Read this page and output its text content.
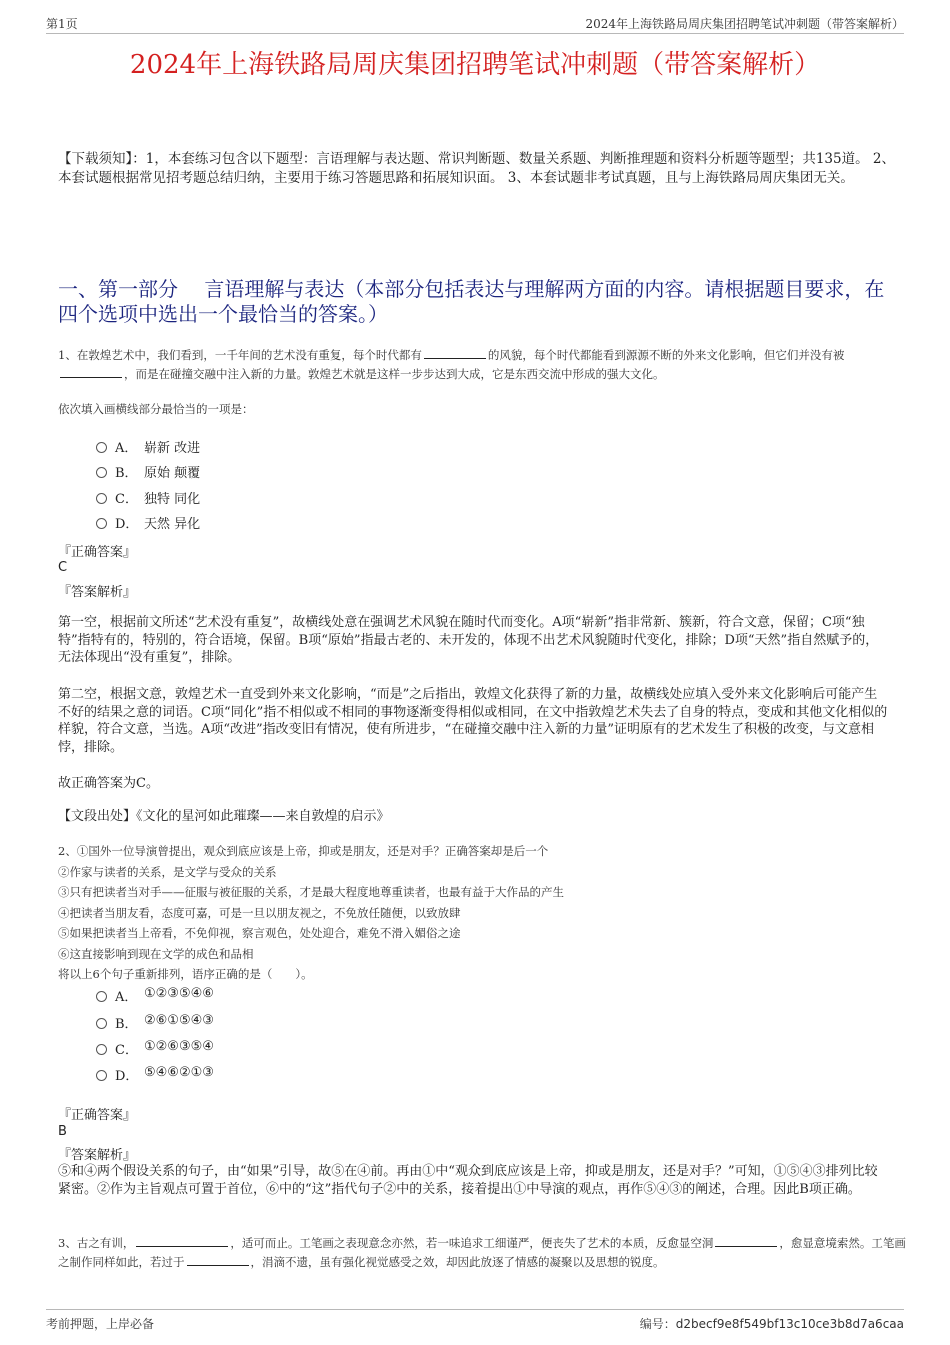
第1页	2024年上海铁路局周庆集团招聘笔试冲刺题（带答案解析）
2024年上海铁路局周庆集团招聘笔试冲刺题（带答案解析）
【下载须知】：1，本套练习包含以下题型：言语理解与表达题、常识判断题、数量关系题、判断推理题和资料分析题等题型；共135道。 2、本套试题根据常见招考题总结归纳，主要用于练习答题思路和拓展知识面。 3、本套试题非考试真题，且与上海铁路局周庆集团无关。
一、第一部分　 言语理解与表达（本部分包括表达与理解两方面的内容。请根据题目要求，在四个选项中选出一个最恰当的答案。）
1、在敦煌艺术中，我们看到，一千年间的艺术没有重复，每个时代都有	的风貌，每个时代都能看到源源不断的外来文化影响，但它们并没有被，而是在碰撞交融中注入新的力量。敦煌艺术就是这样一步步达到大成，它是东西交流中形成的强大文化。
依次填入画横线部分最恰当的一项是：
A． 崭新 改进
B． 原始 颠覆
C． 独特 同化
D． 天然 异化
『正确答案』
C
『答案解析』
第一空，根据前文所述“艺术没有重复”，故横线处意在强调艺术风貌在随时代而变化。A项“崭新”指非常新、簇新，符合文意，保留；C项“独特”指特有的，特别的，符合语境，保留。B项“原始”指最古老的、未开发的，体现不出艺术风貌随时代变化，排除；D项“天然”指自然赋予的，无法体现出“没有重复”，排除。
第二空，根据文意，敦煌艺术一直受到外来文化影响，“而是”之后指出，敦煌文化获得了新的力量，故横线处应填入受外来文化影响后可能产生不好的结果之意的词语。C项“同化”指不相似或不相同的事物逐渐变得相似或相同，在文中指敦煌艺术失去了自身的特点，变成和其他文化相似的样貌，符合文意，当选。A项“改进”指改变旧有情况，使有所进步，“在碰撞交融中注入新的力量”证明原有的艺术发生了积极的改变，与文意相悖，排除。
故正确答案为C。
【文段出处】《文化的星河如此璀璨——来自敦煌的启示》
2、①国外一位导演曾提出，观众到底应该是上帝，抑或是朋友，还是对手？正确答案却是后一个
②作家与读者的关系，是文学与受众的关系
③只有把读者当对手——征服与被征服的关系，才是最大程度地尊重读者，也最有益于大作品的产生
④把读者当朋友看，态度可嘉，可是一旦以朋友视之，不免放任随便，以致放肆
⑤如果把读者当上帝看，不免仰视，察言观色，处处迎合，难免不滑入媚俗之途
⑥这直接影响到现在文学的成色和品相
将以上6个句子重新排列，语序正确的是（　　）。
A． ①②③⑤④⑥
B． ②⑥①⑤④③
C． ①②⑥③⑤④
D． ⑤④⑥②①③
『正确答案』
B
『答案解析』
⑤和④两个假设关系的句子，由“如果”引导，故⑤在④前。再由①中“观众到底应该是上帝，抑或是朋友，还是对手？”可知，①⑤④③排列比较紧密。②作为主旨观点可置于首位，⑥中的“这”指代句子②中的关系，接着提出①中导演的观点，再作⑤④③的阐述，合理。因此B项正确。
3、古之有训，	，适可而止。工笔画之表现意念亦然，若一味追求工细谨严，便丧失了艺术的本质，反愈显空洞	，愈显意境索然。工笔画之制作同样如此，若过于	，涓滴不遗，虽有强化视觉感受之效，却因此放逐了情感的凝聚以及思想的锐度。
考前押题，上岸必备	编号：d2becf9e8f549bf13c10ce3b8d7a6caa
